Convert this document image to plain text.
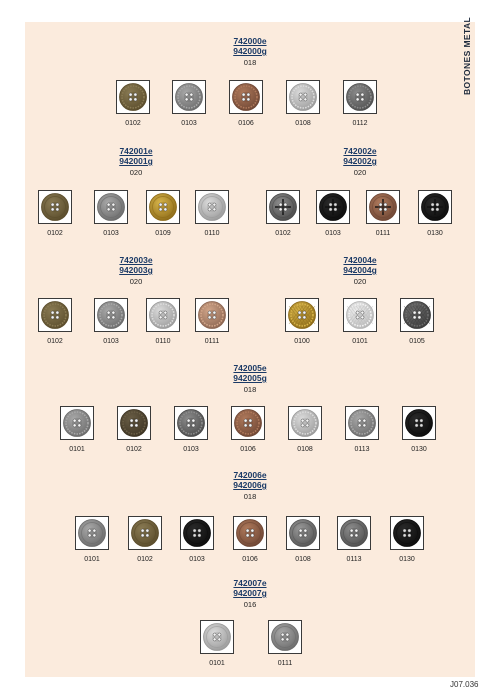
BOTONES METAL
742000e
942000g
018
0102	0103	0106	0108	0112
742001e
942001g
020
0102	0103	0109	0110
742002e
942002g
020
0102	0103	0111	0130
742003e
942003g
020
0102	0103	0110	0111
742004e
942004g
020
0100	0101	0105
742005e
942005g
018
0101	0102	0103	0106	0108	0113	0130
742006e
942006g
018
0101	0102	0103	0106	0108	0113	0130
742007e
942007g
016
0101	0111
J07.036
